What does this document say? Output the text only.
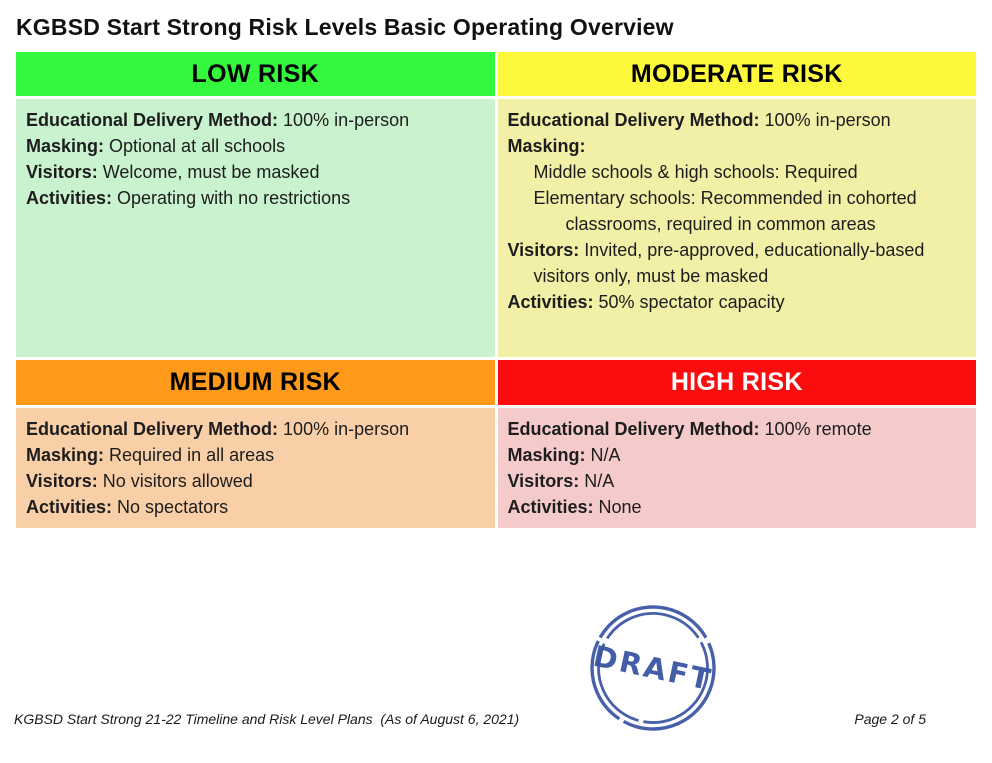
KGBSD Start Strong Risk Levels Basic Operating Overview
LOW RISK	MODERATE RISK
Educational Delivery Method: 100% in-person
Masking: Optional at all schools
Visitors: Welcome, must be masked
Activities: Operating with no restrictions
Educational Delivery Method: 100% in-person
Masking:
Middle schools & high schools: Required
Elementary schools: Recommended in cohorted classrooms, required in common areas
Visitors: Invited, pre-approved, educationally-based visitors only, must be masked
Activities: 50% spectator capacity
MEDIUM RISK	HIGH RISK
Educational Delivery Method: 100% in-person
Masking: Required in all areas
Visitors: No visitors allowed
Activities: No spectators
Educational Delivery Method: 100% remote
Masking: N/A
Visitors: N/A
Activities: None
DRAFT
KGBSD Start Strong 21-22 Timeline and Risk Level Plans  (As of August 6, 2021)	Page 2 of 5
